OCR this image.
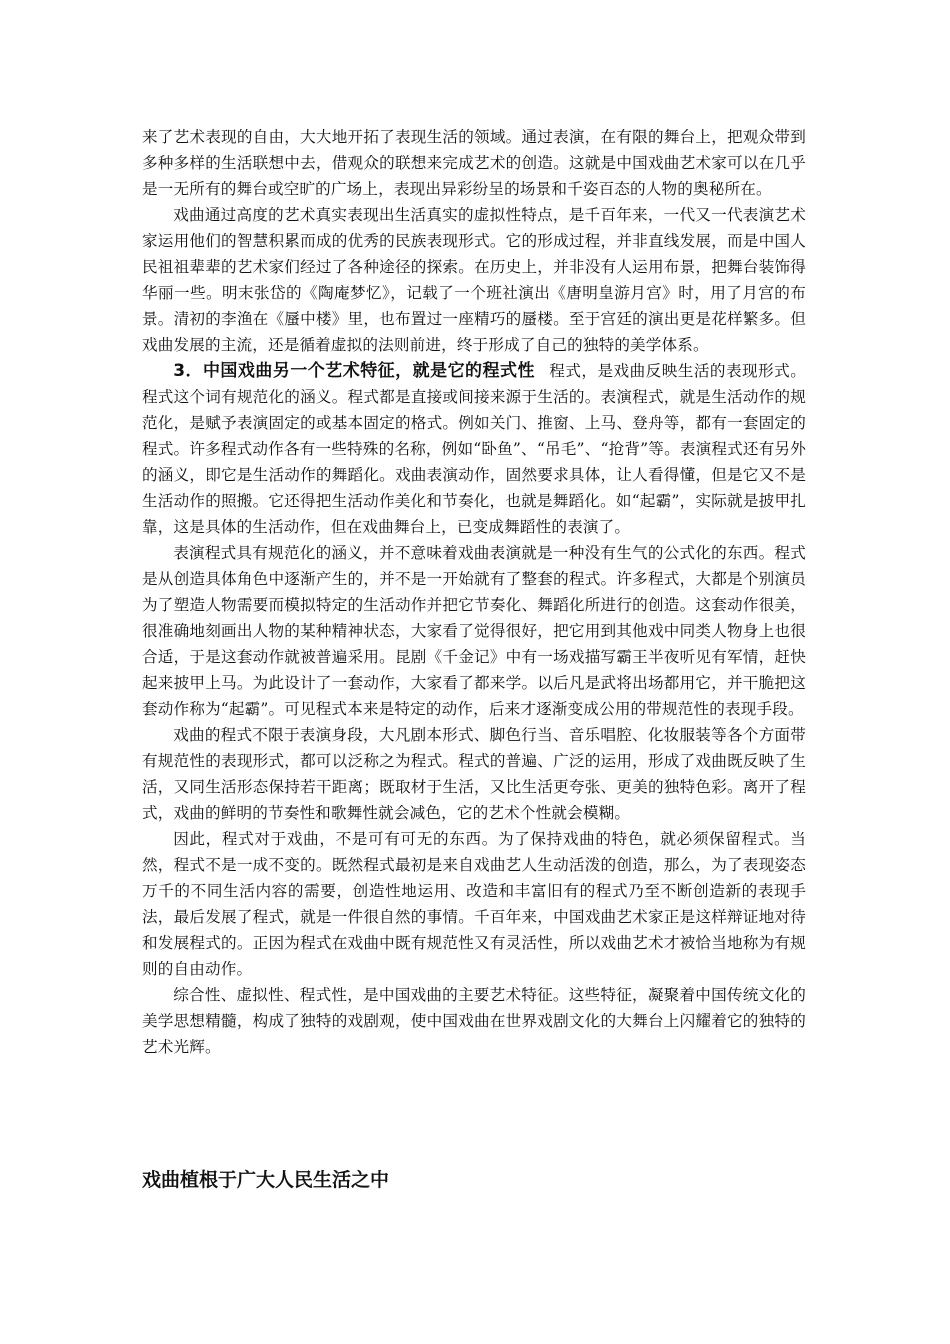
来了艺术表现的自由，大大地开拓了表现生活的领域。通过表演，在有限的舞台上，把观众带到多种多样的生活联想中去，借观众的联想来完成艺术的创造。这就是中国戏曲艺术家可以在几乎是一无所有的舞台或空旷的广场上，表现出异彩纷呈的场景和千姿百态的人物的奥秘所在。

戏曲通过高度的艺术真实表现出生活真实的虚拟性特点，是千百年来，一代又一代表演艺术家运用他们的智慧积累而成的优秀的民族表现形式。它的形成过程，并非直线发展，而是中国人民祖祖辈辈的艺术家们经过了各种途径的探索。在历史上，并非没有人运用布景，把舞台装饰得华丽一些。明末张岱的《陶庵梦忆》，记载了一个班社演出《唐明皇游月宫》时，用了月宫的布景。清初的李渔在《蜃中楼》里，也布置过一座精巧的蜃楼。至于宫廷的演出更是花样繁多。但戏曲发展的主流，还是循着虚拟的法则前进，终于形成了自己的独特的美学体系。

3．中国戏曲另一个艺术特征，就是它的程式性 程式，是戏曲反映生活的表现形式。程式这个词有规范化的涵义。程式都是直接或间接来源于生活的。表演程式，就是生活动作的规范化，是赋予表演固定的或基本固定的格式。例如关门、推窗、上马、登舟等，都有一套固定的程式。许多程式动作各有一些特殊的名称，例如“卧鱼”、“吊毛”、“抢背”等。表演程式还有另外的涵义，即它是生活动作的舞蹈化。戏曲表演动作，固然要求具体，让人看得懂，但是它又不是生活动作的照搬。它还得把生活动作美化和节奏化，也就是舞蹈化。如“起霸”，实际就是披甲扎靠，这是具体的生活动作，但在戏曲舞台上，已变成舞蹈性的表演了。

表演程式具有规范化的涵义，并不意味着戏曲表演就是一种没有生气的公式化的东西。程式是从创造具体角色中逐渐产生的，并不是一开始就有了整套的程式。许多程式，大都是个别演员为了塑造人物需要而模拟特定的生活动作并把它节奏化、舞蹈化所进行的创造。这套动作很美，很准确地刻画出人物的某种精神状态，大家看了觉得很好，把它用到其他戏中同类人物身上也很合适，于是这套动作就被普遍采用。昆剧《千金记》中有一场戏描写霸王半夜听见有军情，赶快起来披甲上马。为此设计了一套动作，大家看了都来学。以后凡是武将出场都用它，并干脆把这套动作称为“起霸”。可见程式本来是特定的动作，后来才逐渐变成公用的带规范性的表现手段。

戏曲的程式不限于表演身段，大凡剧本形式、脚色行当、音乐唱腔、化妆服装等各个方面带有规范性的表现形式，都可以泛称之为程式。程式的普遍、广泛的运用，形成了戏曲既反映了生活，又同生活形态保持若干距离；既取材于生活，又比生活更夸张、更美的独特色彩。离开了程式，戏曲的鲜明的节奏性和歌舞性就会减色，它的艺术个性就会模糊。

因此，程式对于戏曲，不是可有可无的东西。为了保持戏曲的特色，就必须保留程式。当然，程式不是一成不变的。既然程式最初是来自戏曲艺人生动活泼的创造，那么，为了表现姿态万千的不同生活内容的需要，创造性地运用、改造和丰富旧有的程式乃至不断创造新的表现手法，最后发展了程式，就是一件很自然的事情。千百年来，中国戏曲艺术家正是这样辩证地对待和发展程式的。正因为程式在戏曲中既有规范性又有灵活性，所以戏曲艺术才被恰当地称为有规则的自由动作。

综合性、虚拟性、程式性，是中国戏曲的主要艺术特征。这些特征，凝聚着中国传统文化的美学思想精髓，构成了独特的戏剧观，使中国戏曲在世界戏剧文化的大舞台上闪耀着它的独特的艺术光辉。

戏曲植根于广大人民生活之中
